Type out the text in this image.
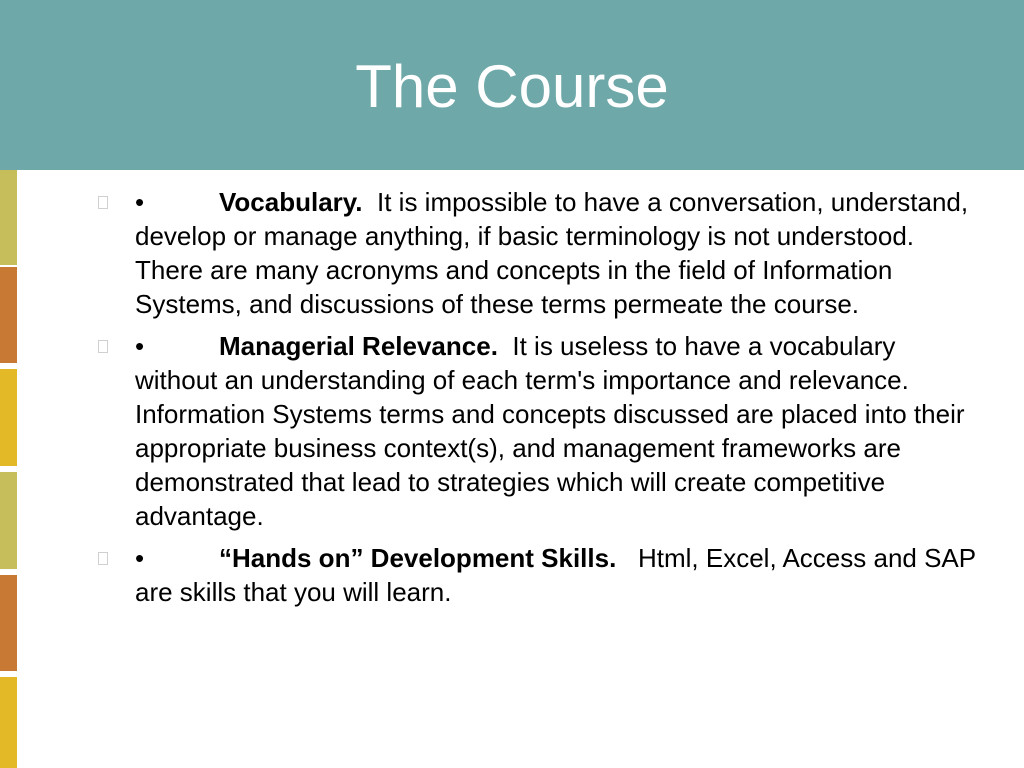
The Course
•	Vocabulary.  It is impossible to have a conversation, understand, develop or manage anything, if basic terminology is not understood.  There are many acronyms and concepts in the field of Information Systems, and discussions of these terms permeate the course.
•	Managerial Relevance.  It is useless to have a vocabulary without an understanding of each term's importance and relevance. Information Systems terms and concepts discussed are placed into their appropriate business context(s), and management frameworks are demonstrated that lead to strategies which will create competitive advantage.
•	“Hands on” Development Skills.   Html, Excel, Access and SAP are skills that you will learn.
